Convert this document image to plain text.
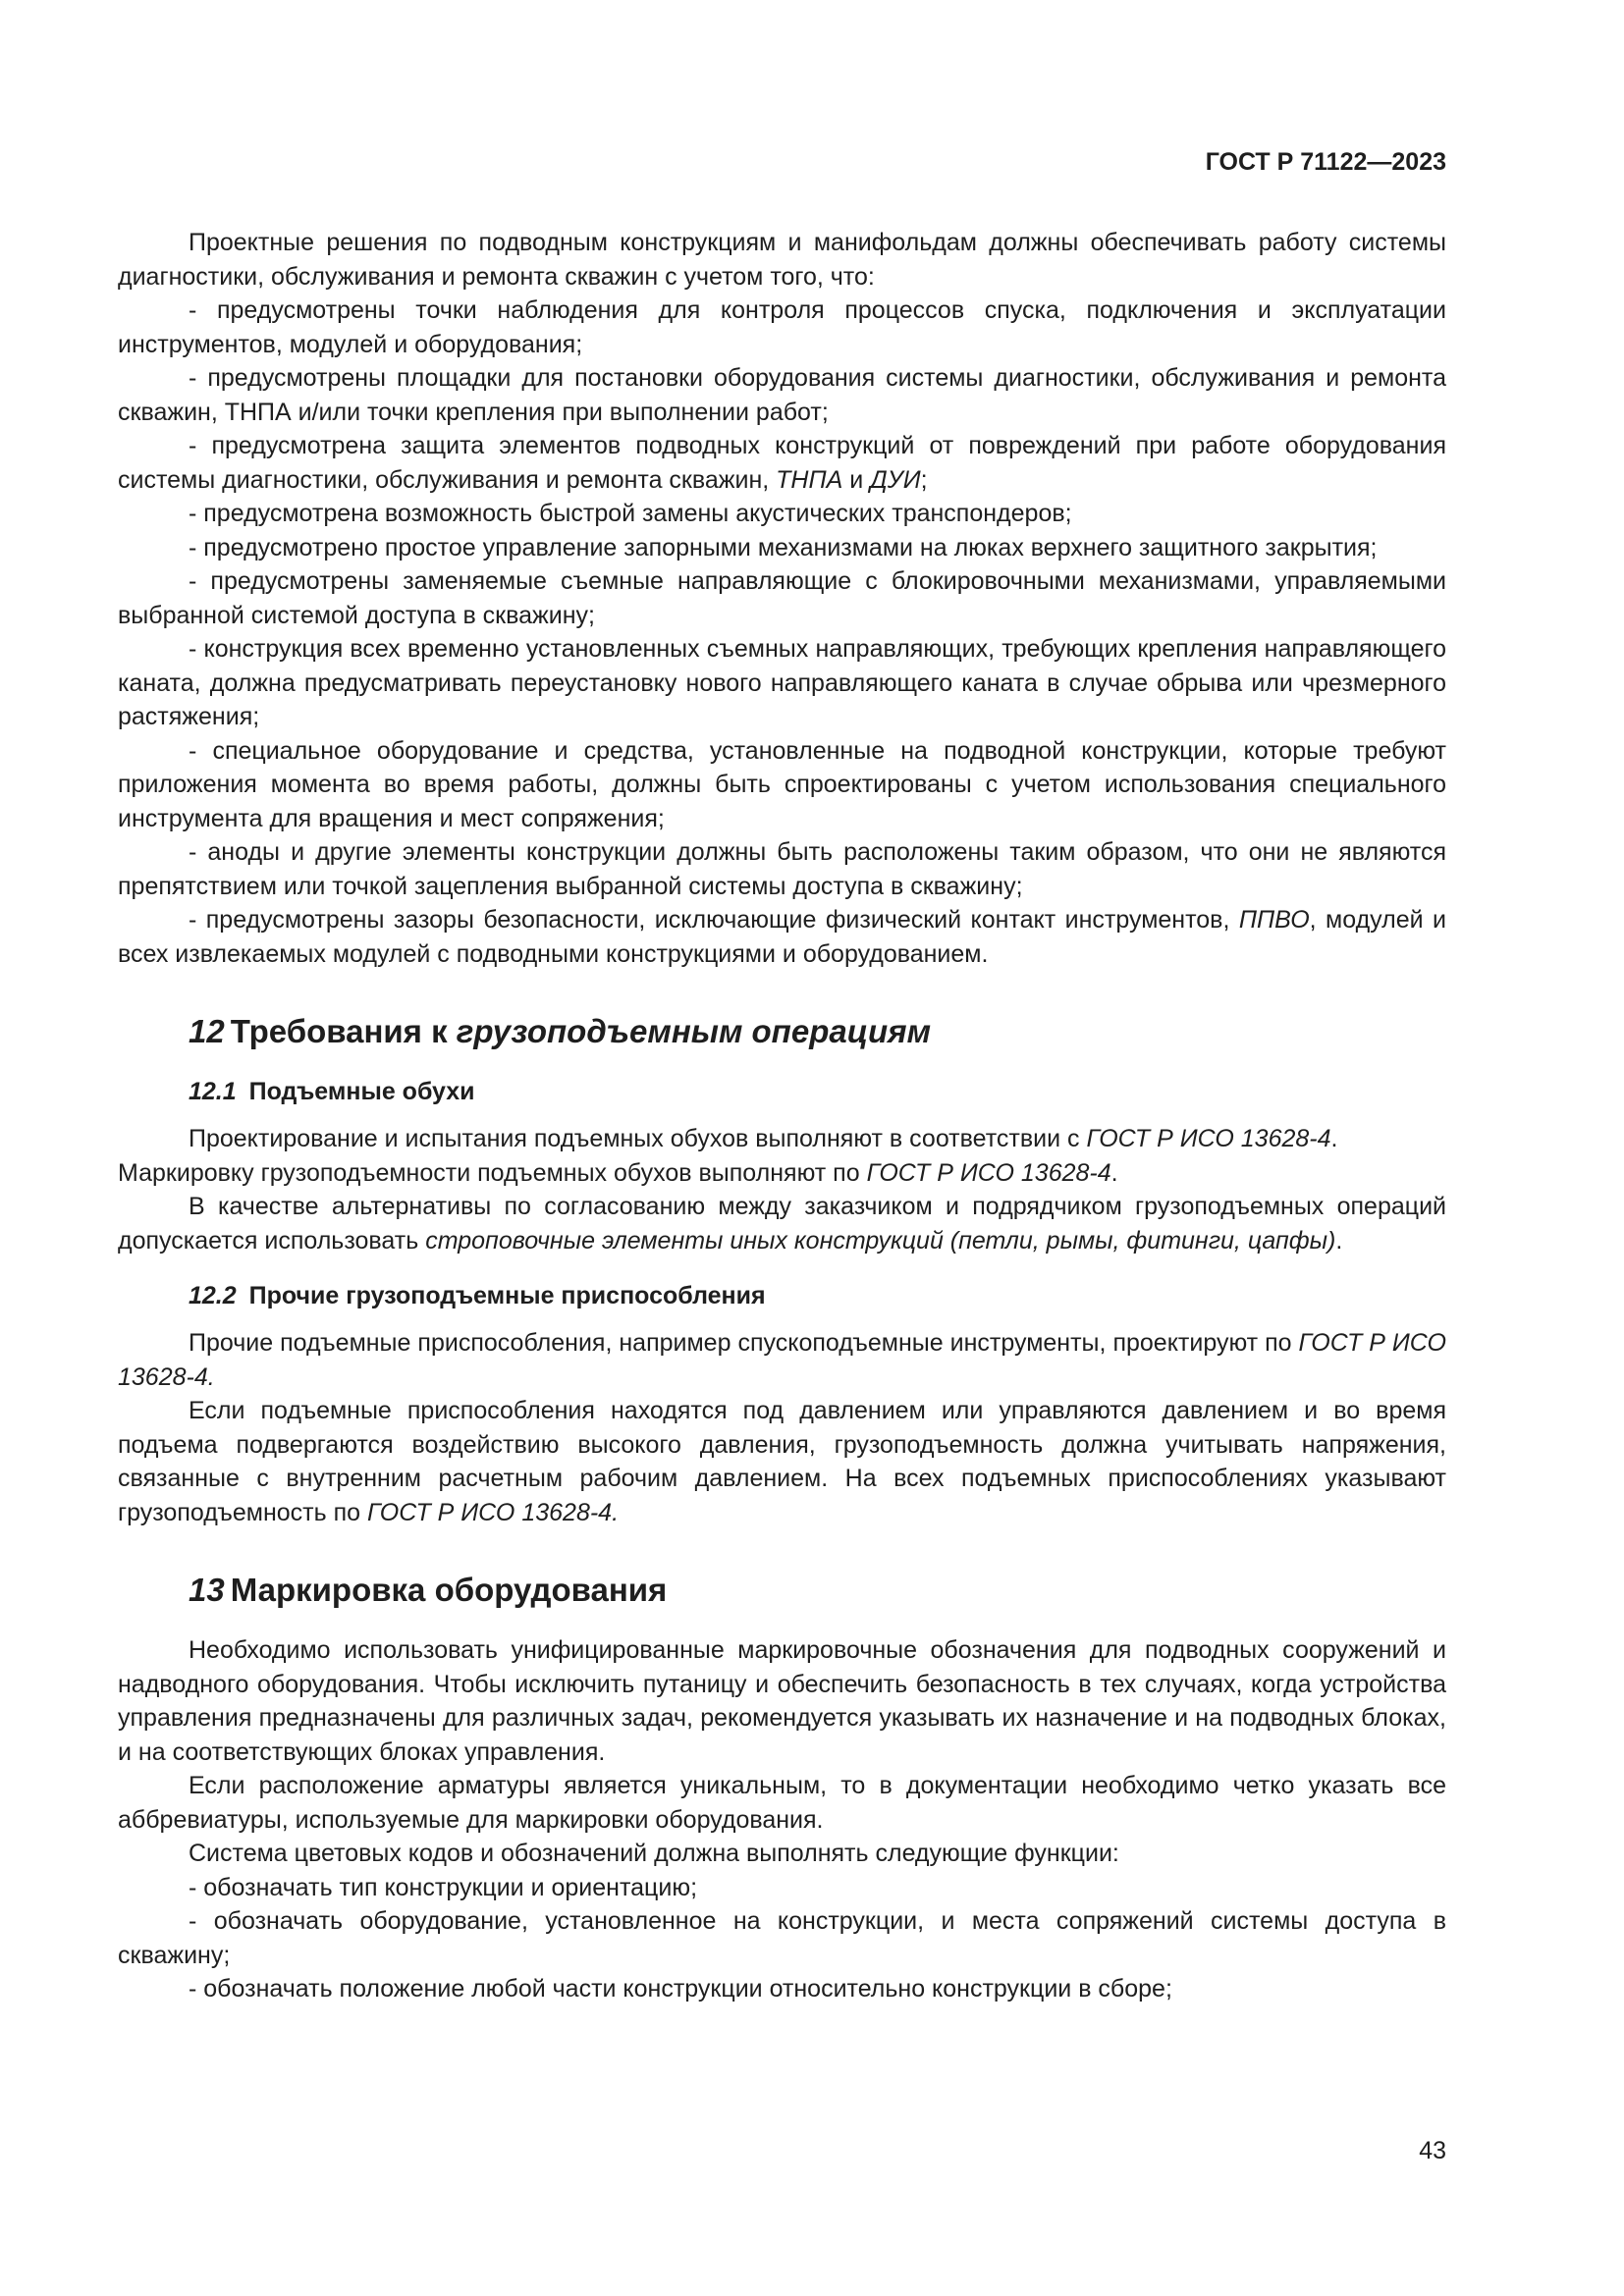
ГОСТ Р 71122—2023

Проектные решения по подводным конструкциям и манифольдам должны обеспечивать работу системы диагностики, обслуживания и ремонта скважин с учетом того, что:

- предусмотрены точки наблюдения для контроля процессов спуска, подключения и эксплуатации инструментов, модулей и оборудования;

- предусмотрены площадки для постановки оборудования системы диагностики, обслуживания и ремонта скважин, ТНПА и/или точки крепления при выполнении работ;

- предусмотрена защита элементов подводных конструкций от повреждений при работе оборудования системы диагностики, обслуживания и ремонта скважин, ТНПА и ДУИ;

- предусмотрена возможность быстрой замены акустических транспондеров;

- предусмотрено простое управление запорными механизмами на люках верхнего защитного закрытия;

- предусмотрены заменяемые съемные направляющие с блокировочными механизмами, управляемыми выбранной системой доступа в скважину;

- конструкция всех временно установленных съемных направляющих, требующих крепления направляющего каната, должна предусматривать переустановку нового направляющего каната в случае обрыва или чрезмерного растяжения;

- специальное оборудование и средства, установленные на подводной конструкции, которые требуют приложения момента во время работы, должны быть спроектированы с учетом использования специального инструмента для вращения и мест сопряжения;

- аноды и другие элементы конструкции должны быть расположены таким образом, что они не являются препятствием или точкой зацепления выбранной системы доступа в скважину;

- предусмотрены зазоры безопасности, исключающие физический контакт инструментов, ППВО, модулей и всех извлекаемых модулей с подводными конструкциями и оборудованием.

12 Требования к грузоподъемным операциям
12.1 Подъемные обухи

Проектирование и испытания подъемных обухов выполняют в соответствии с ГОСТ Р ИСО 13628-4.

Маркировку грузоподъемности подъемных обухов выполняют по ГОСТ Р ИСО 13628-4.

В качестве альтернативы по согласованию между заказчиком и подрядчиком грузоподъемных операций допускается использовать строповочные элементы иных конструкций (петли, рымы, фитинги, цапфы).

12.2 Прочие грузоподъемные приспособления

Прочие подъемные приспособления, например спускоподъемные инструменты, проектируют по ГОСТ Р ИСО 13628-4.

Если подъемные приспособления находятся под давлением или управляются давлением и во время подъема подвергаются воздействию высокого давления, грузоподъемность должна учитывать напряжения, связанные с внутренним расчетным рабочим давлением. На всех подъемных приспособлениях указывают грузоподъемность по ГОСТ Р ИСО 13628-4.

13 Маркировка оборудования

Необходимо использовать унифицированные маркировочные обозначения для подводных сооружений и надводного оборудования. Чтобы исключить путаницу и обеспечить безопасность в тех случаях, когда устройства управления предназначены для различных задач, рекомендуется указывать их назначение и на подводных блоках, и на соответствующих блоках управления.

Если расположение арматуры является уникальным, то в документации необходимо четко указать все аббревиатуры, используемые для маркировки оборудования.

Система цветовых кодов и обозначений должна выполнять следующие функции:

- обозначать тип конструкции и ориентацию;

- обозначать оборудование, установленное на конструкции, и места сопряжений системы доступа в скважину;

- обозначать положение любой части конструкции относительно конструкции в сборе;

43
